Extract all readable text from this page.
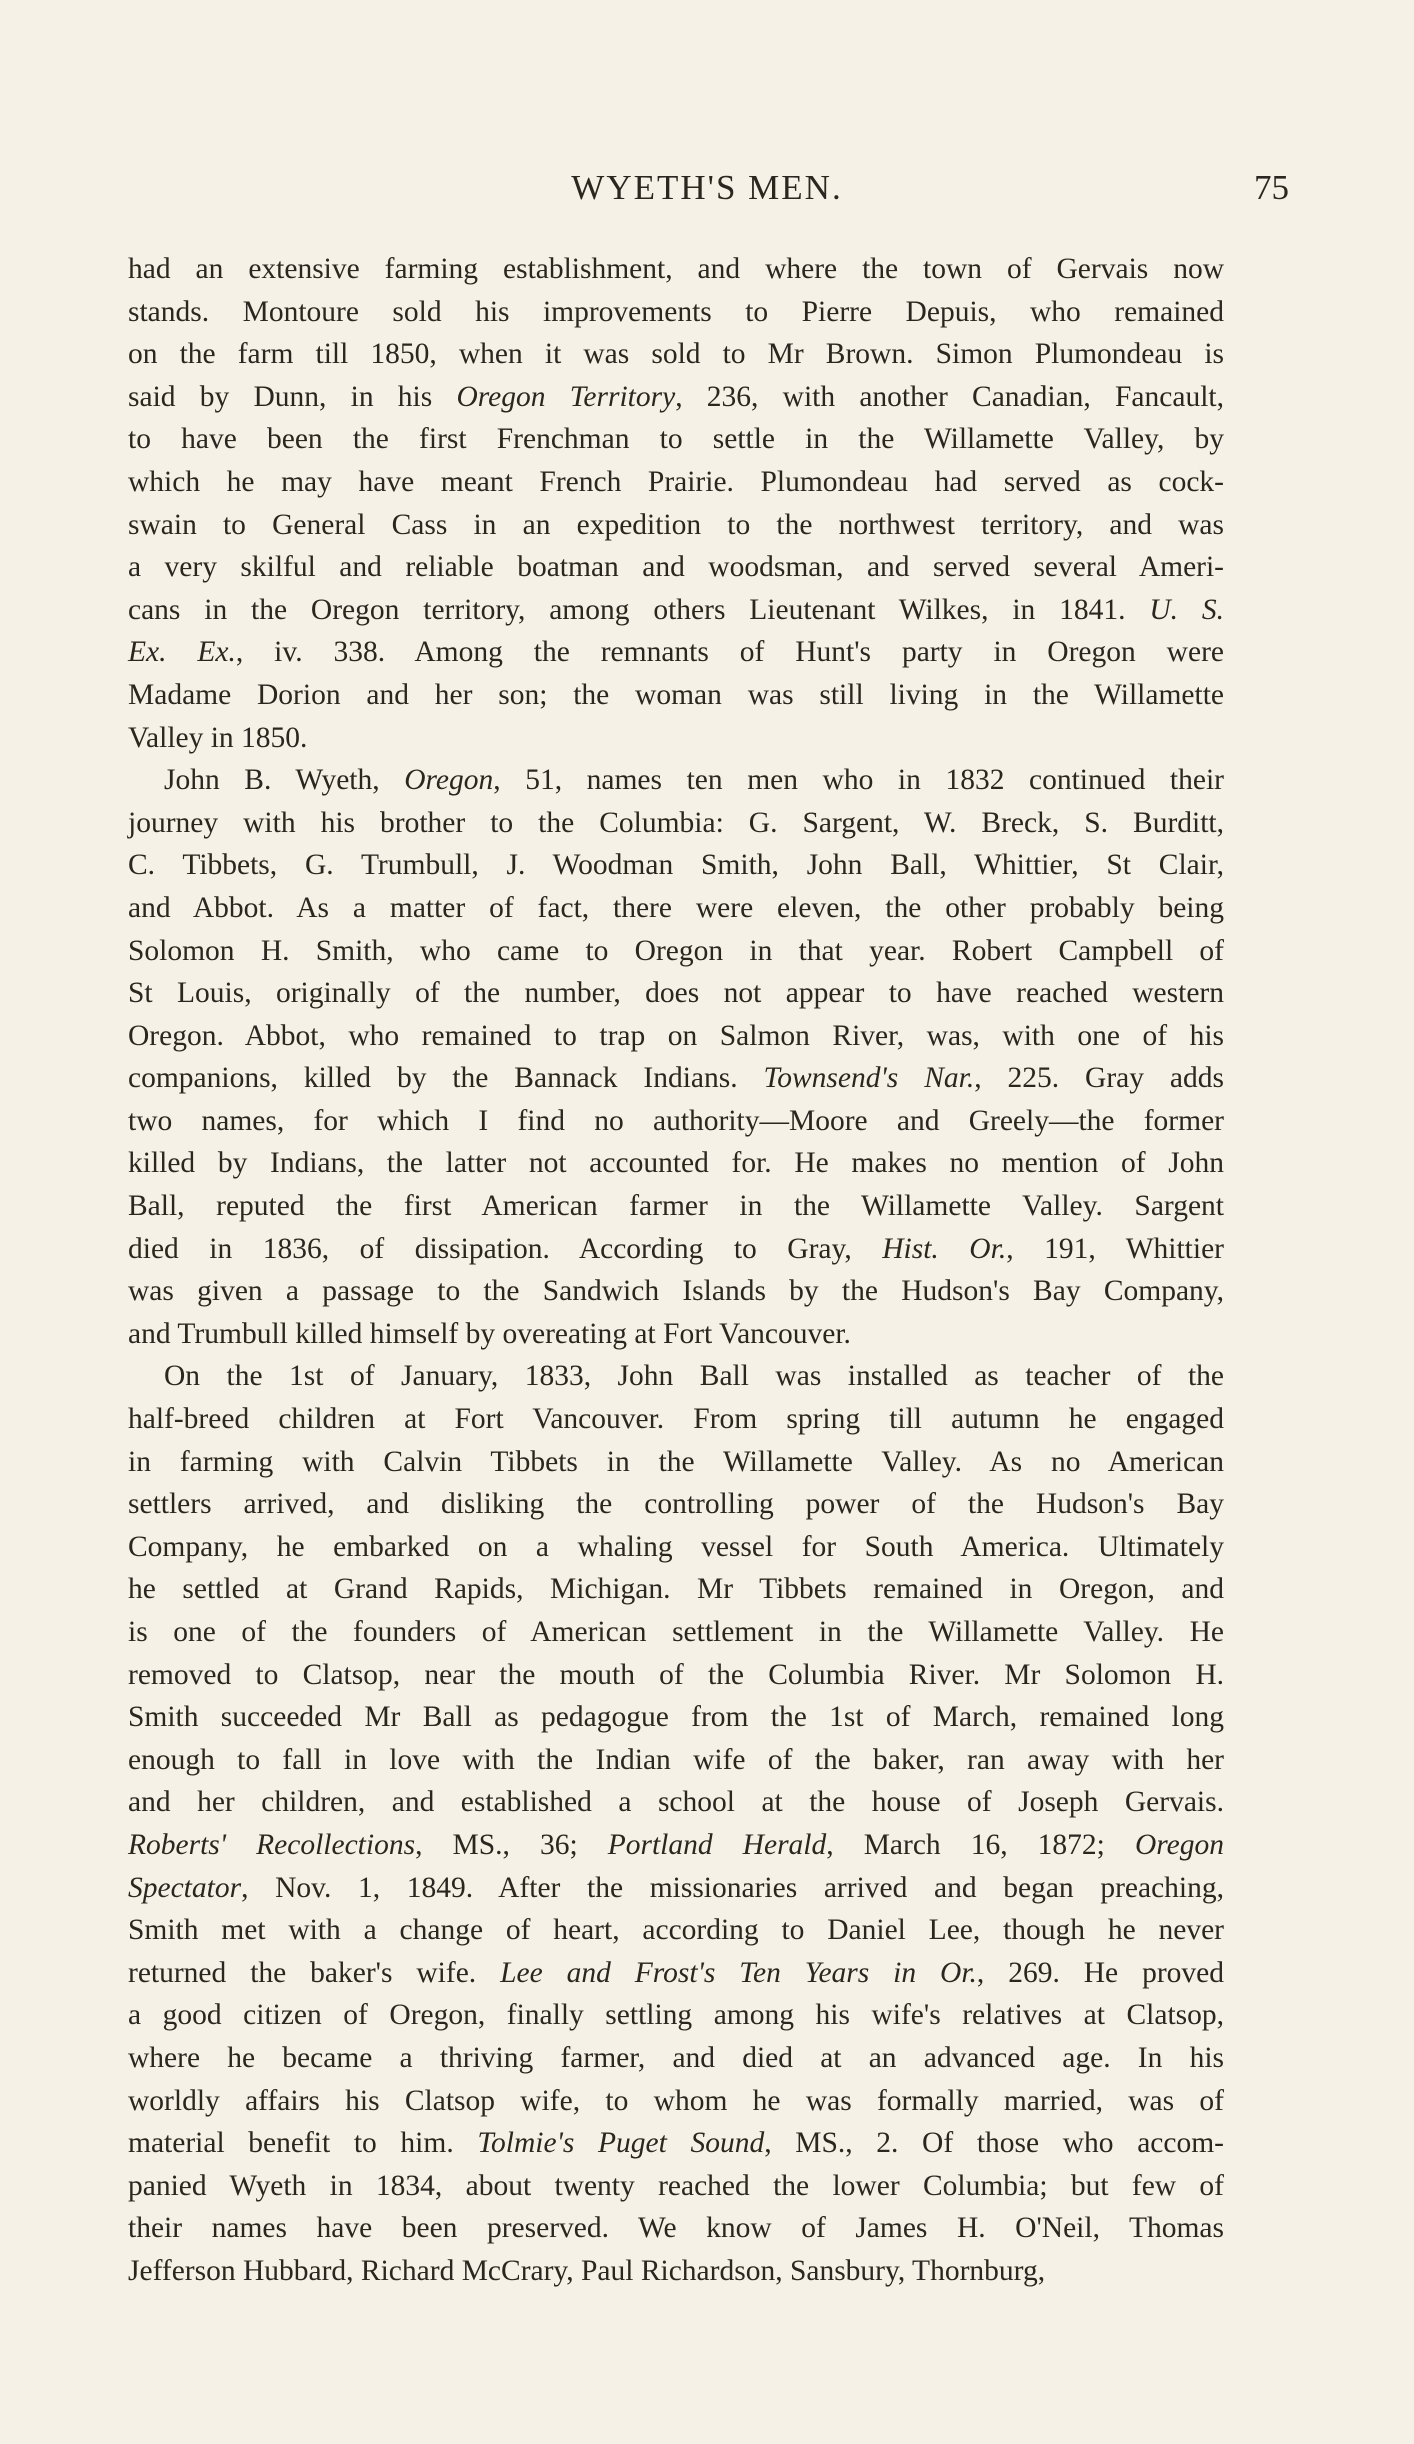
WYETH'S MEN.	75
had an extensive farming establishment, and where the town of Gervais now
stands. Montoure sold his improvements to Pierre Depuis, who remained
on the farm till 1850, when it was sold to Mr Brown. Simon Plumondeau is
said by Dunn, in his Oregon Territory, 236, with another Canadian, Fancault,
to have been the first Frenchman to settle in the Willamette Valley, by
which he may have meant French Prairie. Plumondeau had served as cock-
swain to General Cass in an expedition to the northwest territory, and was
a very skilful and reliable boatman and woodsman, and served several Ameri-
cans in the Oregon territory, among others Lieutenant Wilkes, in 1841. U. S.
Ex. Ex., iv. 338. Among the remnants of Hunt's party in Oregon were
Madame Dorion and her son; the woman was still living in the Willamette
Valley in 1850.
John B. Wyeth, Oregon, 51, names ten men who in 1832 continued their
journey with his brother to the Columbia: G. Sargent, W. Breck, S. Burditt,
C. Tibbets, G. Trumbull, J. Woodman Smith, John Ball, Whittier, St Clair,
and Abbot. As a matter of fact, there were eleven, the other probably being
Solomon H. Smith, who came to Oregon in that year. Robert Campbell of
St Louis, originally of the number, does not appear to have reached western
Oregon. Abbot, who remained to trap on Salmon River, was, with one of his
companions, killed by the Bannack Indians. Townsend's Nar., 225. Gray adds
two names, for which I find no authority—Moore and Greely—the former
killed by Indians, the latter not accounted for. He makes no mention of John
Ball, reputed the first American farmer in the Willamette Valley. Sargent
died in 1836, of dissipation. According to Gray, Hist. Or., 191, Whittier
was given a passage to the Sandwich Islands by the Hudson's Bay Company,
and Trumbull killed himself by overeating at Fort Vancouver.
On the 1st of January, 1833, John Ball was installed as teacher of the
half-breed children at Fort Vancouver. From spring till autumn he engaged
in farming with Calvin Tibbets in the Willamette Valley. As no American
settlers arrived, and disliking the controlling power of the Hudson's Bay
Company, he embarked on a whaling vessel for South America. Ultimately
he settled at Grand Rapids, Michigan. Mr Tibbets remained in Oregon, and
is one of the founders of American settlement in the Willamette Valley. He
removed to Clatsop, near the mouth of the Columbia River. Mr Solomon H.
Smith succeeded Mr Ball as pedagogue from the 1st of March, remained long
enough to fall in love with the Indian wife of the baker, ran away with her
and her children, and established a school at the house of Joseph Gervais.
Roberts' Recollections, MS., 36; Portland Herald, March 16, 1872; Oregon
Spectator, Nov. 1, 1849. After the missionaries arrived and began preaching,
Smith met with a change of heart, according to Daniel Lee, though he never
returned the baker's wife. Lee and Frost's Ten Years in Or., 269. He proved
a good citizen of Oregon, finally settling among his wife's relatives at Clatsop,
where he became a thriving farmer, and died at an advanced age. In his
worldly affairs his Clatsop wife, to whom he was formally married, was of
material benefit to him. Tolmie's Puget Sound, MS., 2. Of those who accom-
panied Wyeth in 1834, about twenty reached the lower Columbia; but few of
their names have been preserved. We know of James H. O'Neil, Thomas
Jefferson Hubbard, Richard McCrary, Paul Richardson, Sansbury, Thornburg,
